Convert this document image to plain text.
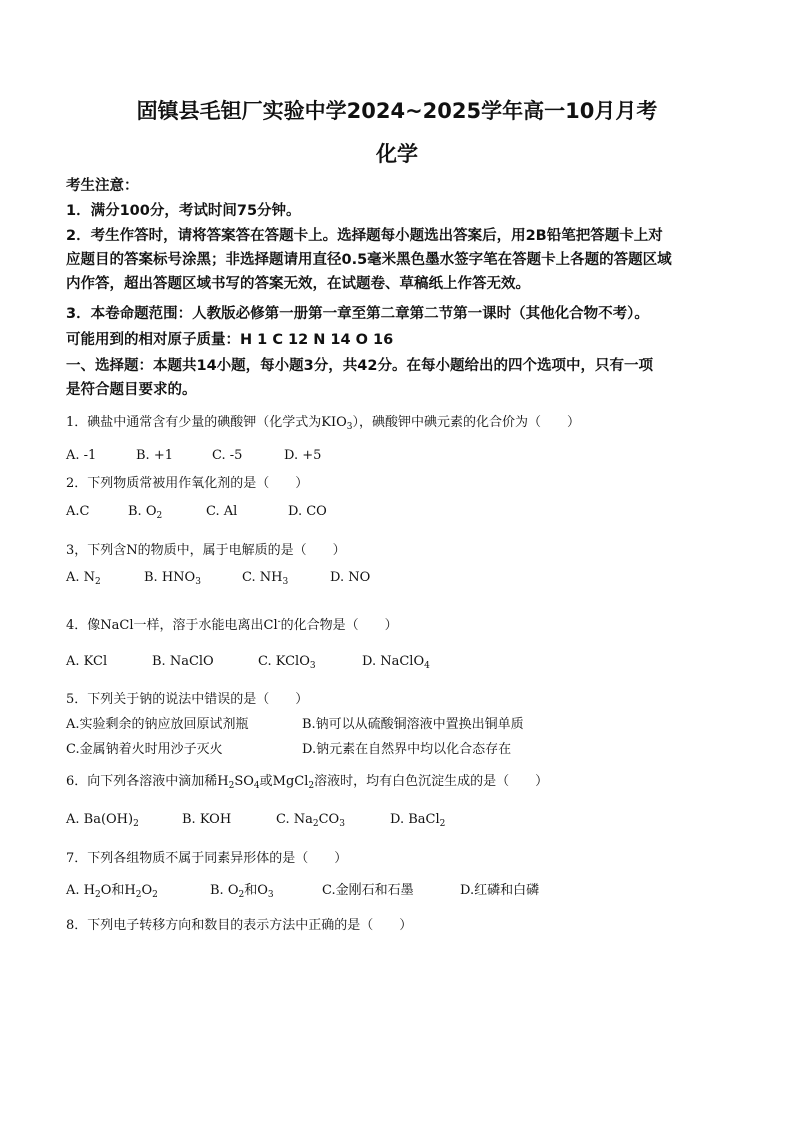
固镇县毛钽厂实验中学2024~2025学年高一10月月考
化学
考生注意：
1．满分100分，考试时间75分钟。
2．考生作答时，请将答案答在答题卡上。选择题每小题选出答案后，用2B铅笔把答题卡上对
应题目的答案标号涂黑；非选择题请用直径0.5毫米黑色墨水签字笔在答题卡上各题的答题区域
内作答，超出答题区域书写的答案无效，在试题卷、草稿纸上作答无效。
3．本卷命题范围：人教版必修第一册第一章至第二章第二节第一课时（其他化合物不考）。
可能用到的相对原子质量：H 1 C 12 N 14 O 16
一、选择题：本题共14小题，每小题3分，共42分。在每小题给出的四个选项中，只有一项
是符合题目要求的。
1．碘盐中通常含有少量的碘酸钾（化学式为$KIO_3$），碘酸钾中碘元素的化合价为（　　）
A. -1	B. +1	C. -5	D. +5
2．下列物质常被用作氧化剂的是（　　）
A.C	B. $O_2$	C. Al	D. CO
3，下列含N的物质中，属于电解质的是（　　）
A. $N_2$	B. $HNO_3$	C. $NH_3$	D. NO
4．像NaCl一样，溶于水能电离出Cl-的化合物是（　　）
A. KCl	B. NaClO	C. KClO$_3$	D. NaClO$_4$
5．下列关于钠的说法中错误的是（　　）
A.实验剩余的钠应放回原试剂瓶	B.钠可以从硫酸铜溶液中置换出铜单质
C.金属钠着火时用沙子灭火	D.钠元素在自然界中均以化合态存在
6．向下列各溶液中滴加稀$H_2SO_4$或MgCl$_2$溶液时，均有白色沉淀生成的是（　　）
A. $Ba(OH)_2$	B. KOH	C. $Na_2CO_3$	D. BaCl$_2$
7．下列各组物质不属于同素异形体的是（　　）
A. $H_2O$和$H_2O_2$	B. $O_2$和$O_3$	C.金刚石和石墨	D.红磷和白磷
8．下列电子转移方向和数目的表示方法中正确的是（　　）
